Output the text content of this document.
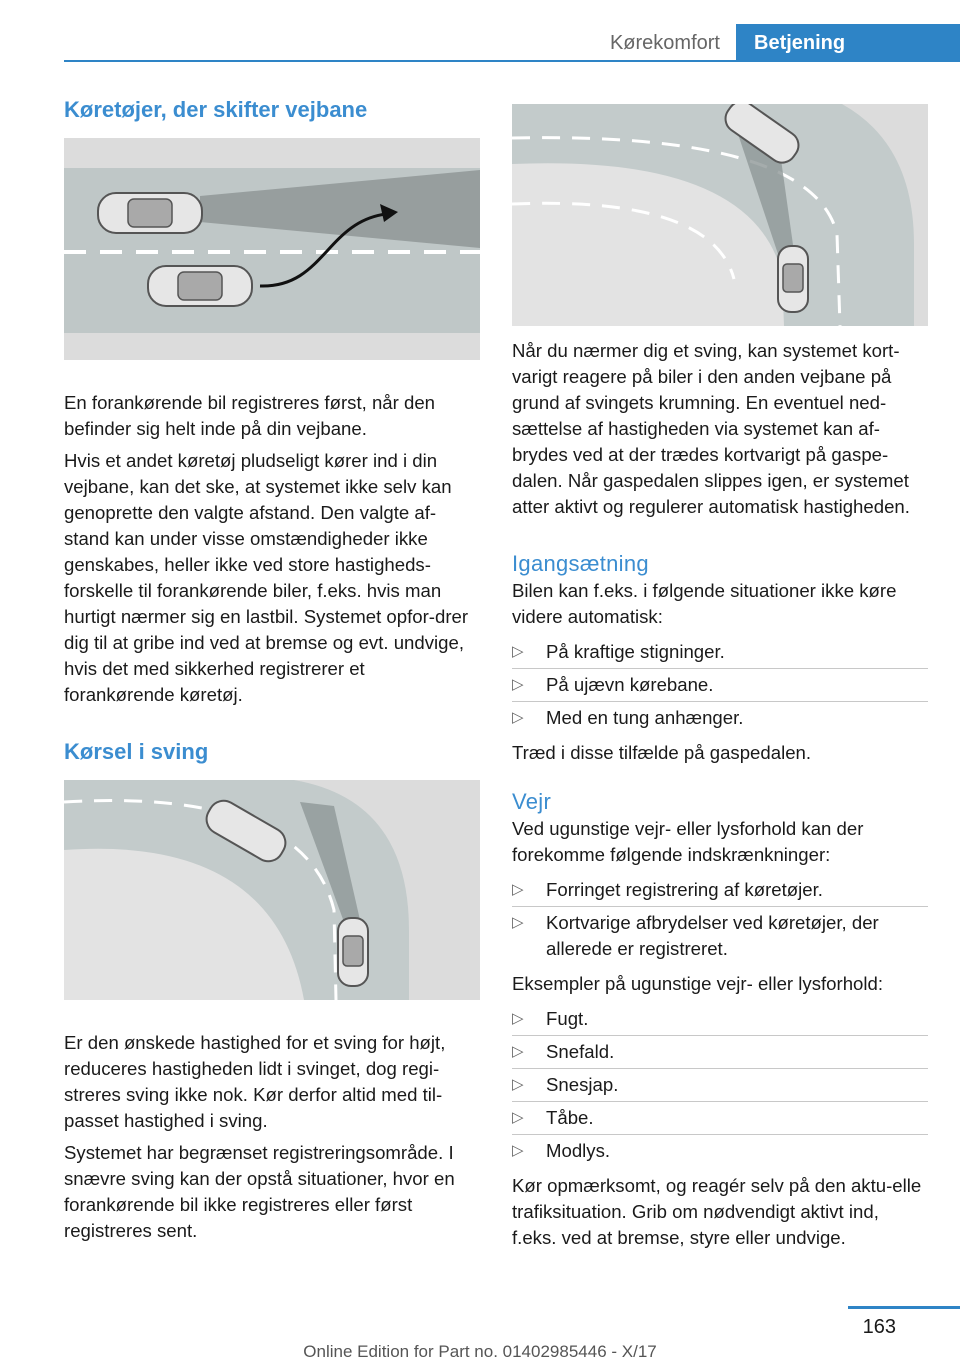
Kørekomfort	Betjening
Køretøjer, der skifter vejbane

En forankørende bil registreres først, når den befinder sig helt inde på din vejbane.

Hvis et andet køretøj pludseligt kører ind i din vejbane, kan det ske, at systemet ikke selv kan genoprette den valgte afstand. Den valgte af-stand kan under visse omstændigheder ikke genskabes, heller ikke ved store hastigheds-forskelle til forankørende biler, f.eks. hvis man hurtigt nærmer sig en lastbil. Systemet opfor-drer dig til at gribe ind ved at bremse og evt. undvige, hvis det med sikkerhed registrerer et forankørende køretøj.

Kørsel i sving

Er den ønskede hastighed for et sving for højt, reduceres hastigheden lidt i svinget, dog regi-streres sving ikke nok. Kør derfor altid med til-passet hastighed i sving.

Systemet har begrænset registreringsområde. I snævre sving kan der opstå situationer, hvor en forankørende bil ikke registreres eller først registreres sent.

Når du nærmer dig et sving, kan systemet kort-varigt reagere på biler i den anden vejbane på grund af svingets krumning. En eventuel ned-sættelse af hastigheden via systemet kan af-brydes ved at der trædes kortvarigt på gaspe-dalen. Når gaspedalen slippes igen, er systemet atter aktivt og regulerer automatisk hastigheden.

Igangsætning

Bilen kan f.eks. i følgende situationer ikke køre videre automatisk:

▷ På kraftige stigninger.
▷ På ujævn kørebane.
▷ Med en tung anhænger.

Træd i disse tilfælde på gaspedalen.

Vejr

Ved ugunstige vejr- eller lysforhold kan der forekomme følgende indskrænkninger:

▷ Forringet registrering af køretøjer.
▷ Kortvarige afbrydelser ved køretøjer, der allerede er registreret.

Eksempler på ugunstige vejr- eller lysforhold:

▷ Fugt.
▷ Snefald.
▷ Snesjap.
▷ Tåbe.
▷ Modlys.

Kør opmærksomt, og reagér selv på den aktu-elle trafiksituation. Grib om nødvendigt aktivt ind, f.eks. ved at bremse, styre eller undvige.

163
Online Edition for Part no. 01402985446 - X/17
